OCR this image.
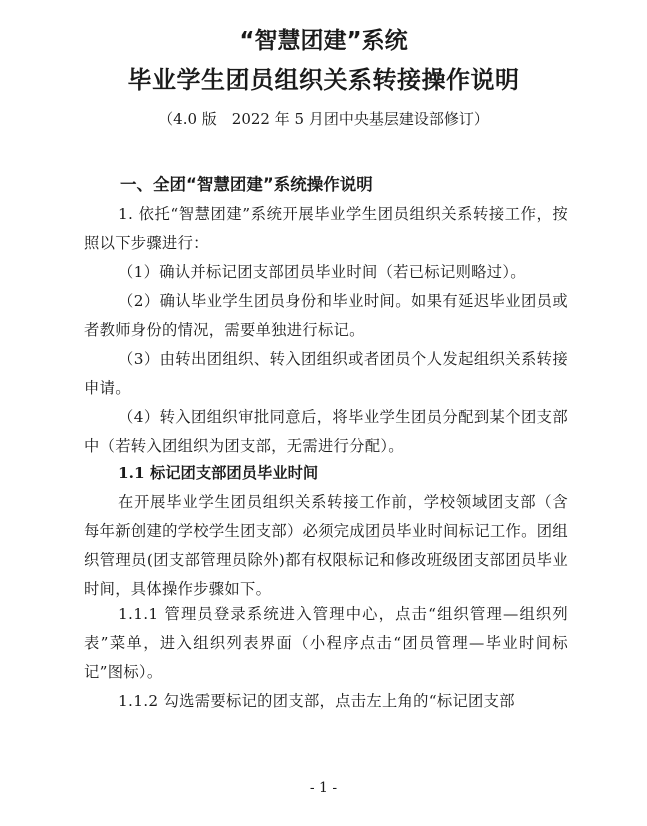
“智慧团建”系统
毕业学生团员组织关系转接操作说明

（4.0 版　2022 年 5 月团中央基层建设部修订）

一、全团“智慧团建”系统操作说明

1. 依托“智慧团建”系统开展毕业学生团员组织关系转接工作，按照以下步骤进行：

（1）确认并标记团支部团员毕业时间（若已标记则略过）。

（2）确认毕业学生团员身份和毕业时间。如果有延迟毕业团员或者教师身份的情况，需要单独进行标记。

（3）由转出团组织、转入团组织或者团员个人发起组织关系转接申请。

（4）转入团组织审批同意后，将毕业学生团员分配到某个团支部中（若转入团组织为团支部，无需进行分配）。

1.1 标记团支部团员毕业时间

在开展毕业学生团员组织关系转接工作前，学校领域团支部（含每年新创建的学校学生团支部）必须完成团员毕业时间标记工作。团组织管理员(团支部管理员除外)都有权限标记和修改班级团支部团员毕业时间，具体操作步骤如下。

1.1.1 管理员登录系统进入管理中心，点击“组织管理—组织列表”菜单，进入组织列表界面（小程序点击“团员管理—毕业时间标记”图标）。

1.1.2 勾选需要标记的团支部，点击左上角的“标记团支部

- 1 -
